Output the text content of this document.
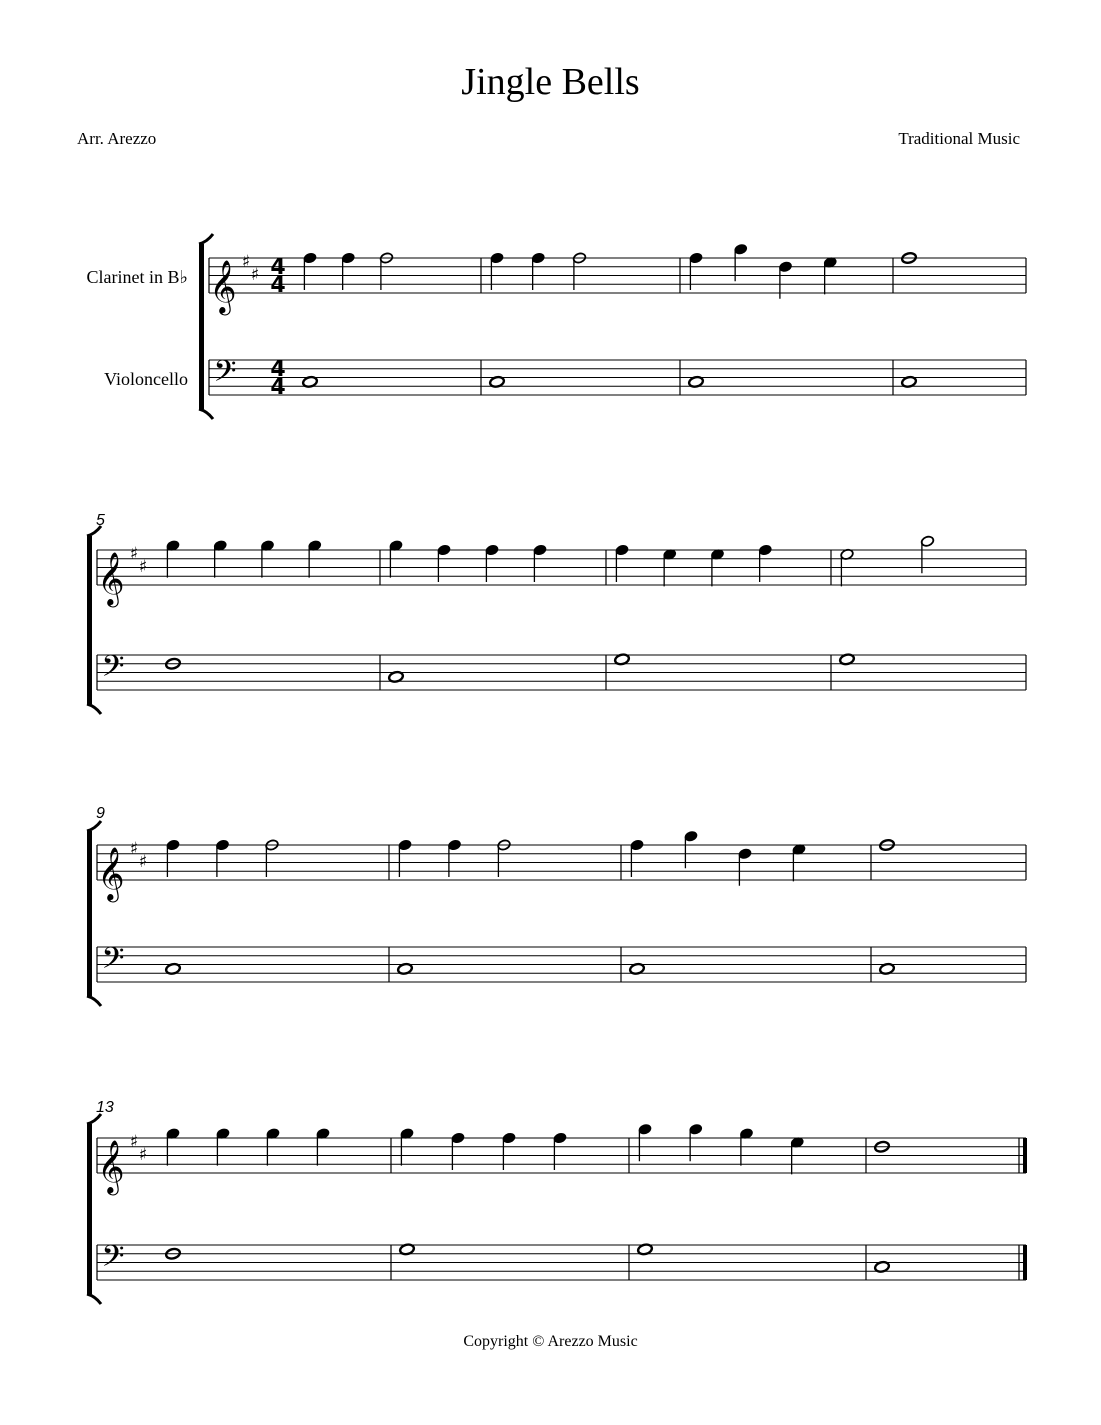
Jingle Bells
Arr. Arezzo	Traditional Music
Clarinet in B♭
Violoncello
5
9
13
𝄞
𝄢
♯
♯ 4
4
4
4
𝄞
𝄢
♯
♯
𝄞
𝄢
♯
♯
𝄞
𝄢
♯
♯
Copyright © Arezzo Music
